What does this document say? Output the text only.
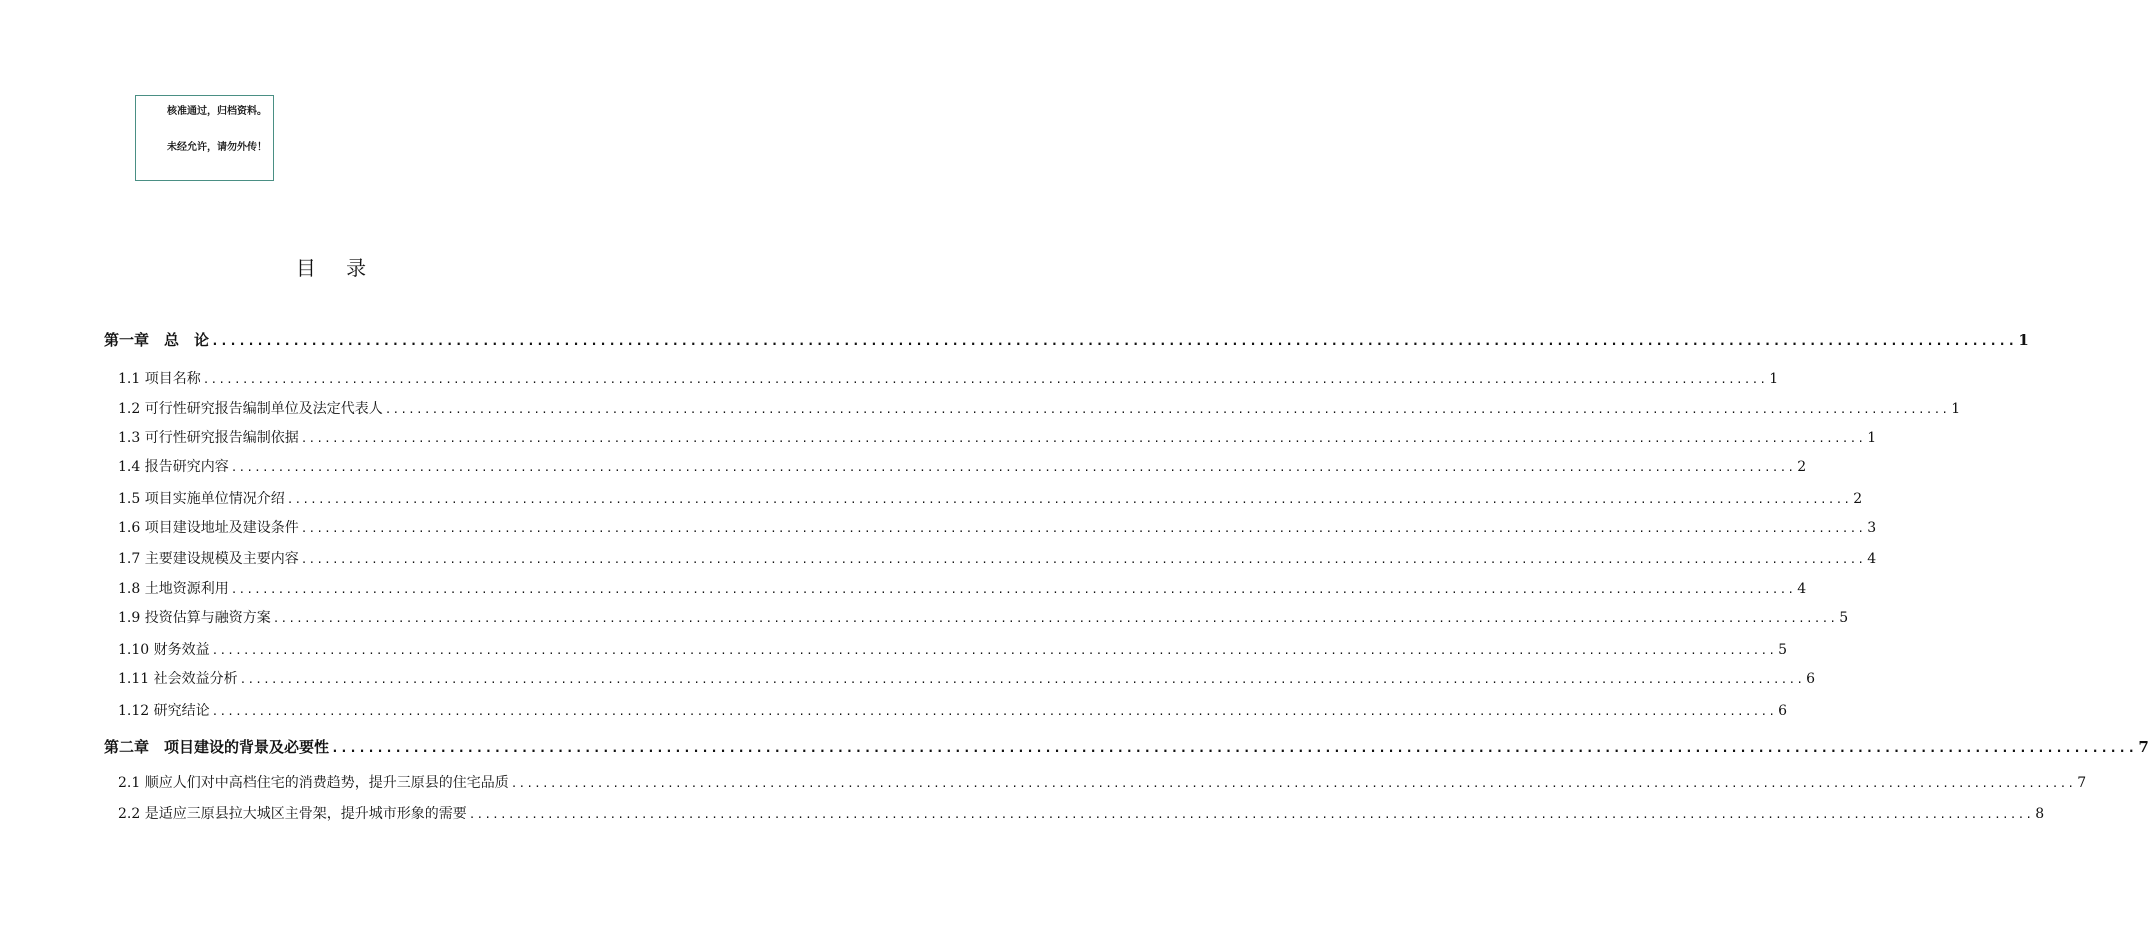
核准通过，归档资料。
未经允许，请勿外传！
目 录
第一章　总　论 ........................................................................................................................................................................................................ 1
1.1 项目名称 ........................................................................................................................................................................................................ 1
1.2 可行性研究报告编制单位及法定代表人 ........................................................................................................................................................................................................ 1
1.3 可行性研究报告编制依据 ........................................................................................................................................................................................................ 1
1.4 报告研究内容 ........................................................................................................................................................................................................ 2
1.5 项目实施单位情况介绍 ........................................................................................................................................................................................................ 2
1.6 项目建设地址及建设条件 ........................................................................................................................................................................................................ 3
1.7 主要建设规模及主要内容 ........................................................................................................................................................................................................ 4
1.8 土地资源利用 ........................................................................................................................................................................................................ 4
1.9 投资估算与融资方案 ........................................................................................................................................................................................................ 5
1.10 财务效益 ........................................................................................................................................................................................................ 5
1.11 社会效益分析 ........................................................................................................................................................................................................ 6
1.12 研究结论 ........................................................................................................................................................................................................ 6
第二章　项目建设的背景及必要性 ........................................................................................................................................................................................................ 7
2.1 顺应人们对中高档住宅的消费趋势，提升三原县的住宅品质 ........................................................................................................................................................................................................ 7
2.2 是适应三原县拉大城区主骨架，提升城市形象的需要 ........................................................................................................................................................................................................ 8
